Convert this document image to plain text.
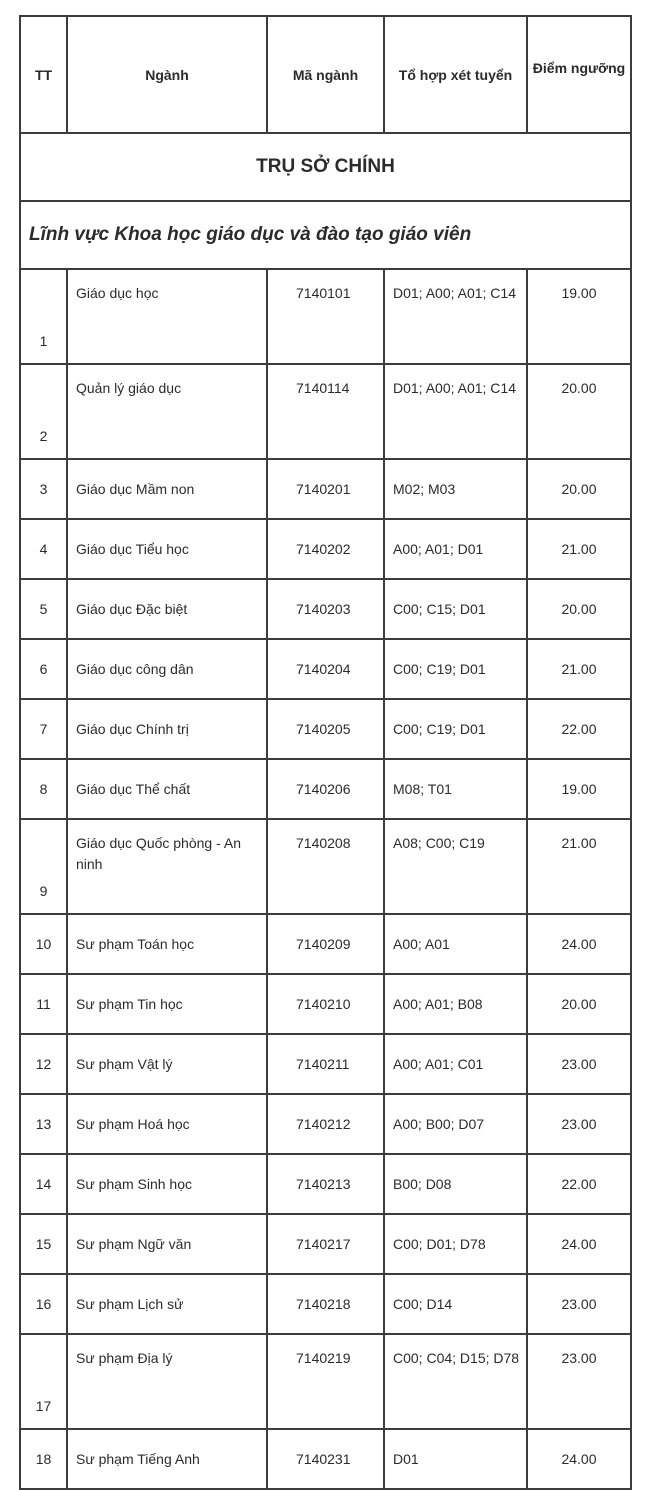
TT	Ngành	Mã ngành	Tổ hợp xét tuyển	Điểm ngưỡng
TRỤ SỞ CHÍNH				
Lĩnh vực Khoa học giáo dục và đào tạo giáo viên				
1	Giáo dục học	7140101	D01; A00; A01; C14	19.00
2	Quản lý giáo dục	7140114	D01; A00; A01; C14	20.00
3	Giáo dục Mầm non	7140201	M02; M03	20.00
4	Giáo dục Tiểu học	7140202	A00; A01; D01	21.00
5	Giáo dục Đặc biệt	7140203	C00; C15; D01	20.00
6	Giáo dục công dân	7140204	C00; C19; D01	21.00
7	Giáo dục Chính trị	7140205	C00; C19; D01	22.00
8	Giáo dục Thể chất	7140206	M08; T01	19.00
9	Giáo dục Quốc phòng - An ninh	7140208	A08; C00; C19	21.00
10	Sư phạm Toán học	7140209	A00; A01	24.00
11	Sư phạm Tin học	7140210	A00; A01; B08	20.00
12	Sư phạm Vật lý	7140211	A00; A01; C01	23.00
13	Sư phạm Hoá học	7140212	A00; B00; D07	23.00
14	Sư phạm Sinh học	7140213	B00; D08	22.00
15	Sư phạm Ngữ văn	7140217	C00; D01; D78	24.00
16	Sư phạm Lịch sử	7140218	C00; D14	23.00
17	Sư phạm Địa lý	7140219	C00; C04; D15; D78	23.00
18	Sư phạm Tiếng Anh	7140231	D01	24.00
